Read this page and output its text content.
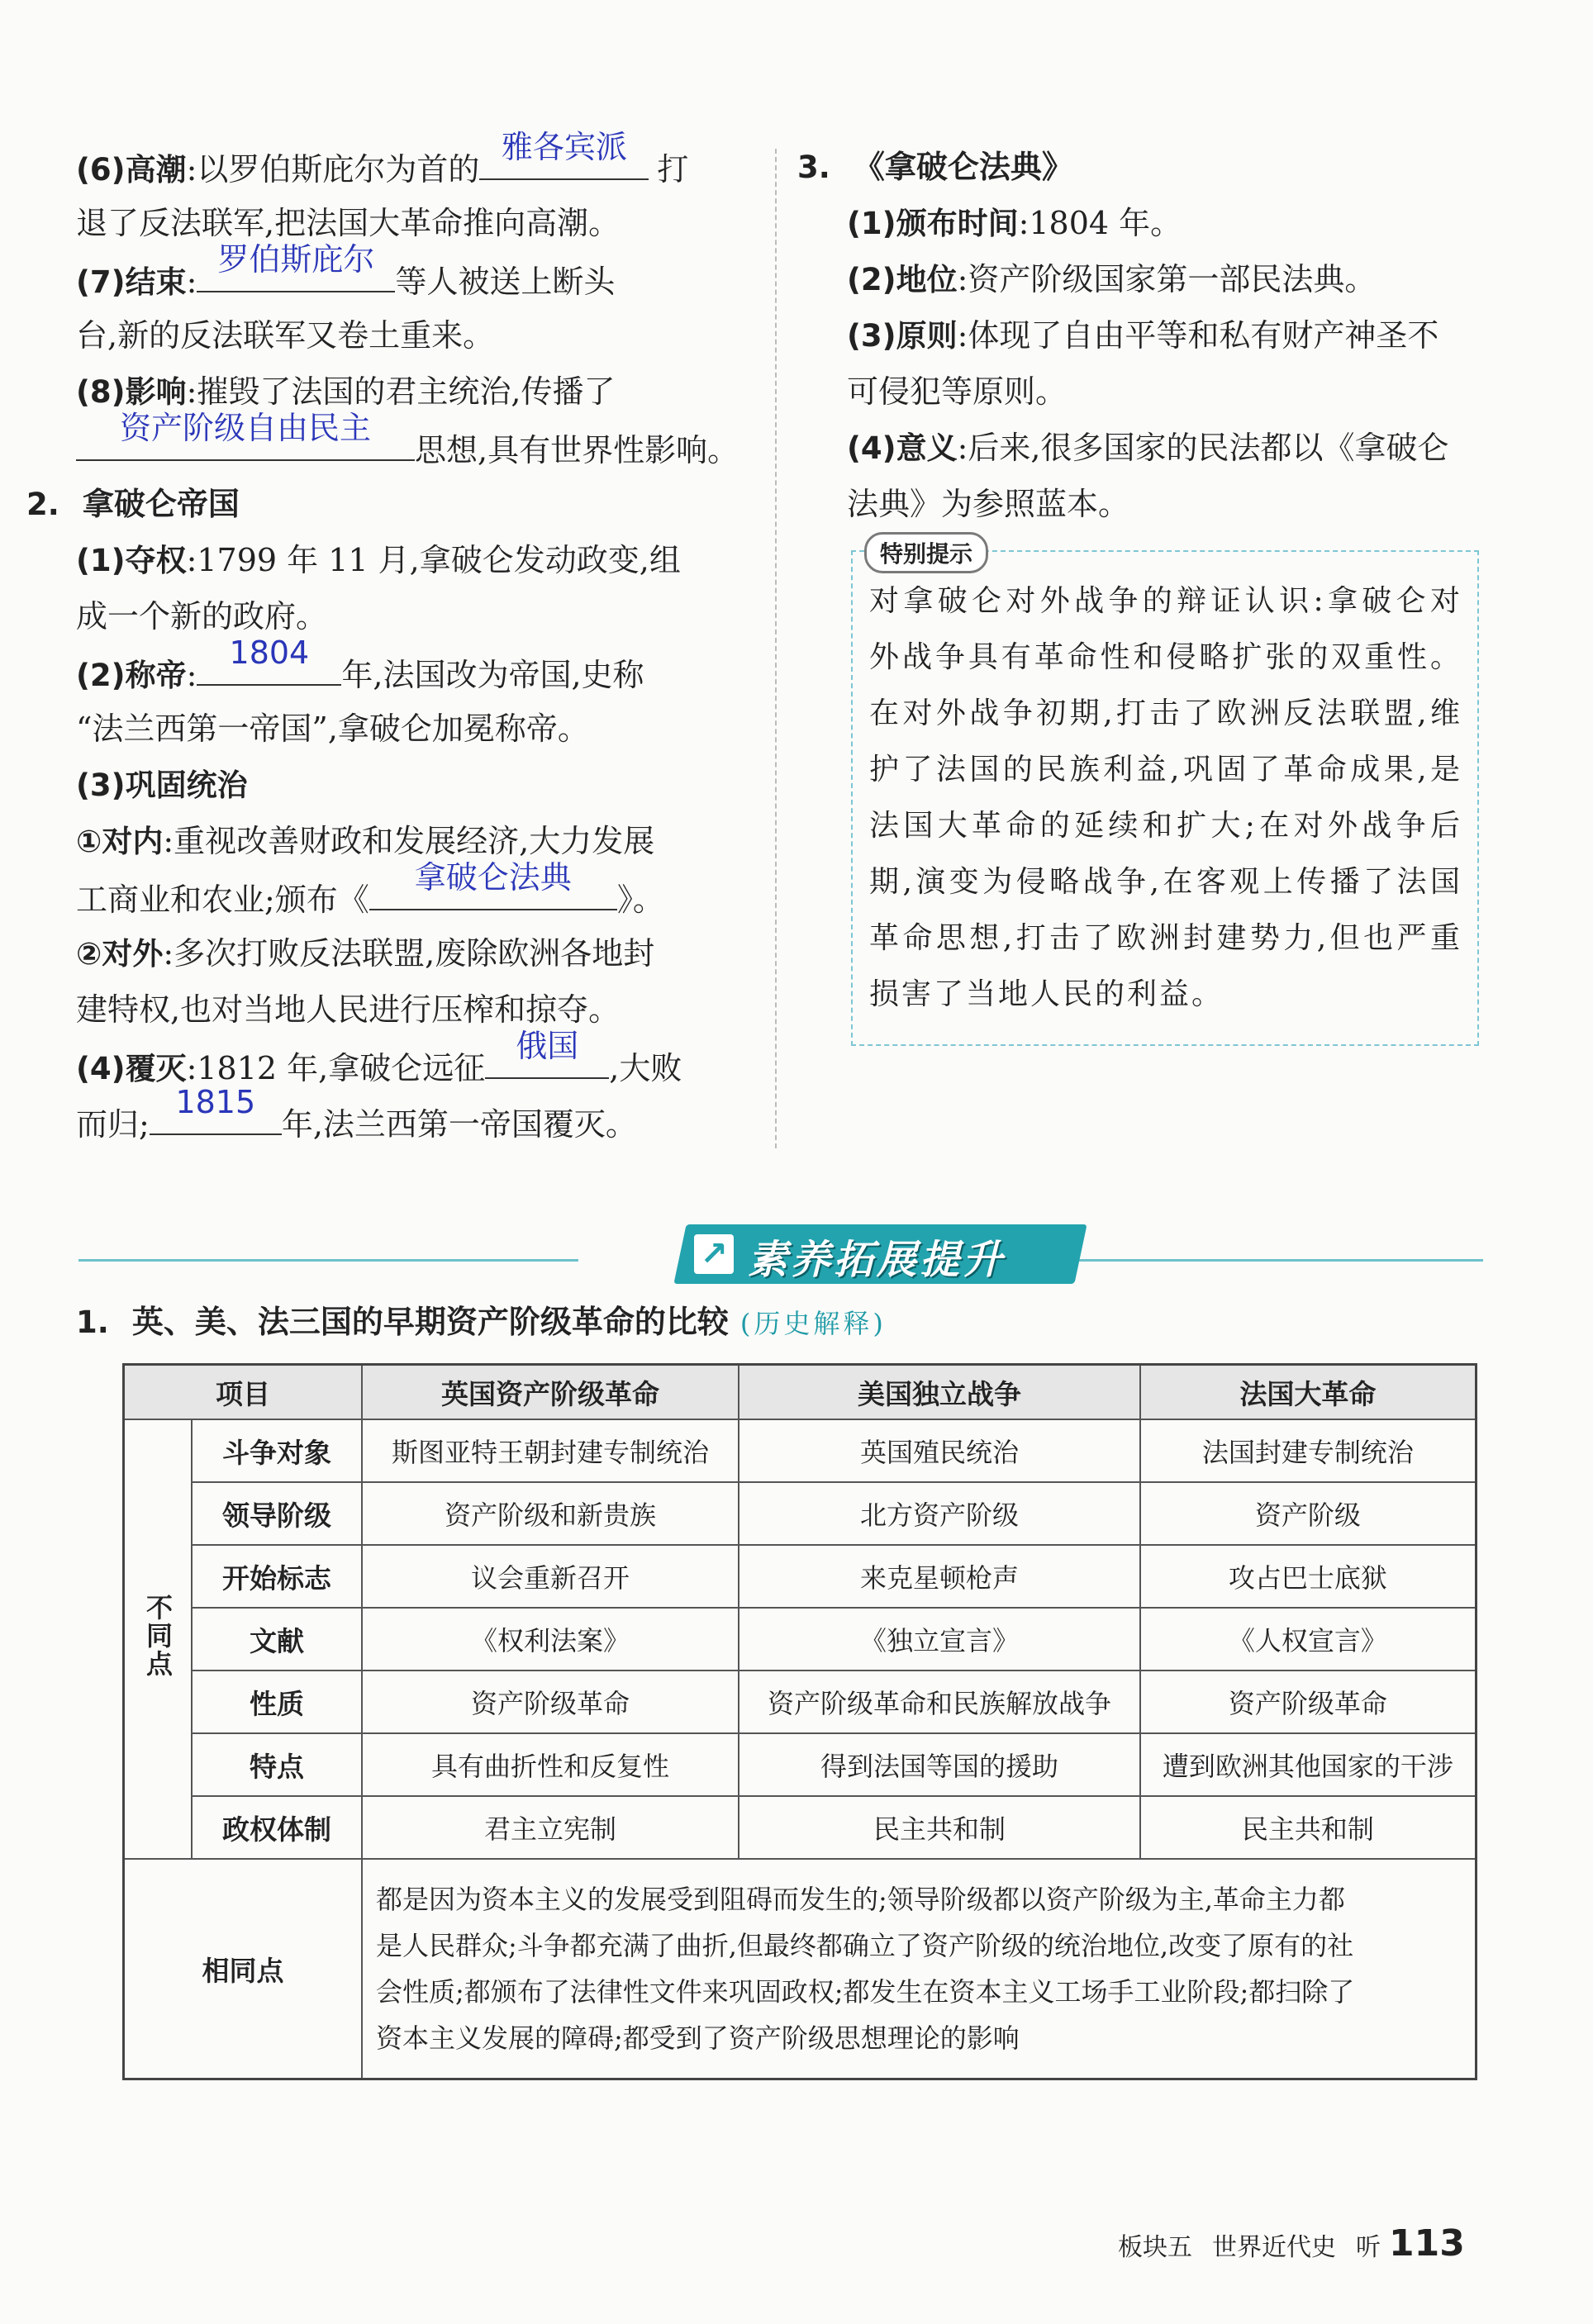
(6)高潮:以罗伯斯庇尔为首的
雅各宾派
打
退了反法联军,把法国大革命推向高潮。
(7)结束:
罗伯斯庇尔
等人被送上断头
台,新的反法联军又卷土重来。
(8)影响:摧毁了法国的君主统治,传播了
资产阶级自由民主
思想,具有世界性影响。
2. 拿破仑帝国
(1)夺权:1799 年 11 月,拿破仑发动政变,组
成一个新的政府。
(2)称帝:
1804
年,法国改为帝国,史称
“法兰西第一帝国”,拿破仑加冕称帝。
(3)巩固统治
①对内:重视改善财政和发展经济,大力发展
工商业和农业;颁布《
拿破仑法典
》。
②对外:多次打败反法联盟,废除欧洲各地封
建特权,也对当地人民进行压榨和掠夺。
(4)覆灭:1812 年,拿破仑远征
俄国
,大败
而归;
1815
年,法兰西第一帝国覆灭。
3. 《拿破仑法典》
(1)颁布时间:1804 年。
(2)地位:资产阶级国家第一部民法典。
(3)原则:体现了自由平等和私有财产神圣不
可侵犯等原则。
(4)意义:后来,很多国家的民法都以《拿破仑
法典》为参照蓝本。
特别提示
对拿破仑对外战争的辩证认识:拿破仑对
外战争具有革命性和侵略扩张的双重性。
在对外战争初期,打击了欧洲反法联盟,维
护了法国的民族利益,巩固了革命成果,是
法国大革命的延续和扩大;在对外战争后
期,演变为侵略战争,在客观上传播了法国
革命思想,打击了欧洲封建势力,但也严重
损害了当地人民的利益。
↗ 素养拓展提升
1. 英、美、法三国的早期资产阶级革命的比较 (历史解释)
项目		英国资产阶级革命	美国独立战争	法国大革命
不同点	斗争对象	斯图亚特王朝封建专制统治	英国殖民统治	法国封建专制统治
	领导阶级	资产阶级和新贵族	北方资产阶级	资产阶级
	开始标志	议会重新召开	来克星顿枪声	攻占巴士底狱
	文献	《权利法案》	《独立宣言》	《人权宣言》
	性质	资产阶级革命	资产阶级革命和民族解放战争	资产阶级革命
	特点	具有曲折性和反复性	得到法国等国的援助	遭到欧洲其他国家的干涉
	政权体制	君主立宪制	民主共和制	民主共和制
相同点		都是因为资本主义的发展受到阻碍而发生的;领导阶级都以资产阶级为主,革命主力都
是人民群众;斗争都充满了曲折,但最终都确立了资产阶级的统治地位,改变了原有的社
会性质;都颁布了法律性文件来巩固政权;都发生在资本主义工场手工业阶段;都扫除了
资本主义发展的障碍;都受到了资产阶级思想理论的影响		
板块五 世界近代史 听 113
